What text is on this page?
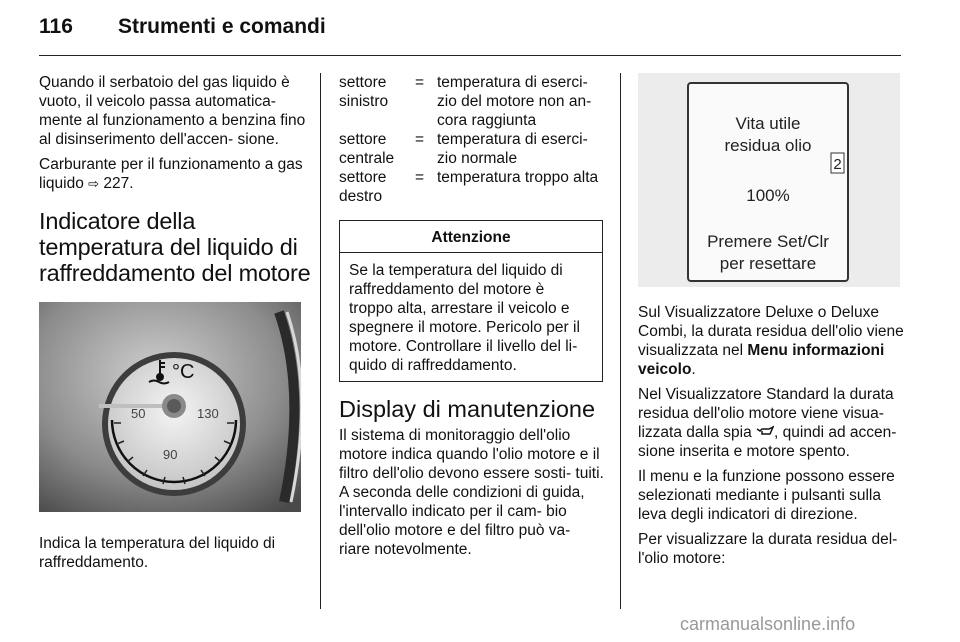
116 Strumenti e comandi

Quando il serbatoio del gas liquido è vuoto, il veicolo passa automatica- mente al funzionamento a benzina fino al disinserimento dell'accen- sione.

Carburante per il funzionamento a gas liquido ⇨ 227.

Indicatore della
temperatura del liquido di
raffreddamento del motore
50	130
90
°C

Indica la temperatura del liquido di raffreddamento.

settore sinistro	=	temperatura di eserci- zio del motore non an- cora raggiunta
settore centrale	=	temperatura di eserci- zio normale
settore destro	=	temperatura troppo alta
Attenzione
Se la temperatura del liquido di raffreddamento del motore è troppo alta, arrestare il veicolo e spegnere il motore. Pericolo per il motore. Controllare il livello del li- quido di raffreddamento.
Display di manutenzione

Il sistema di monitoraggio dell'olio motore indica quando l'olio motore e il filtro dell'olio devono essere sosti- tuiti. A seconda delle condizioni di guida, l'intervallo indicato per il cam- bio dell'olio motore e del filtro può va- riare notevolmente.

Vita utile
residua olio
100%
Premere Set/Clr
per resettare
2

Sul Visualizzatore Deluxe o Deluxe Combi, la durata residua dell'olio viene visualizzata nel Menu informazioni veicolo.

Nel Visualizzatore Standard la durata residua dell'olio motore viene visua- lizzata dalla spia , quindi ad accen- sione inserita e motore spento.

Il menu e la funzione possono essere selezionati mediante i pulsanti sulla leva degli indicatori di direzione.

Per visualizzare la durata residua del- l'olio motore:

carmanualsonline.info
